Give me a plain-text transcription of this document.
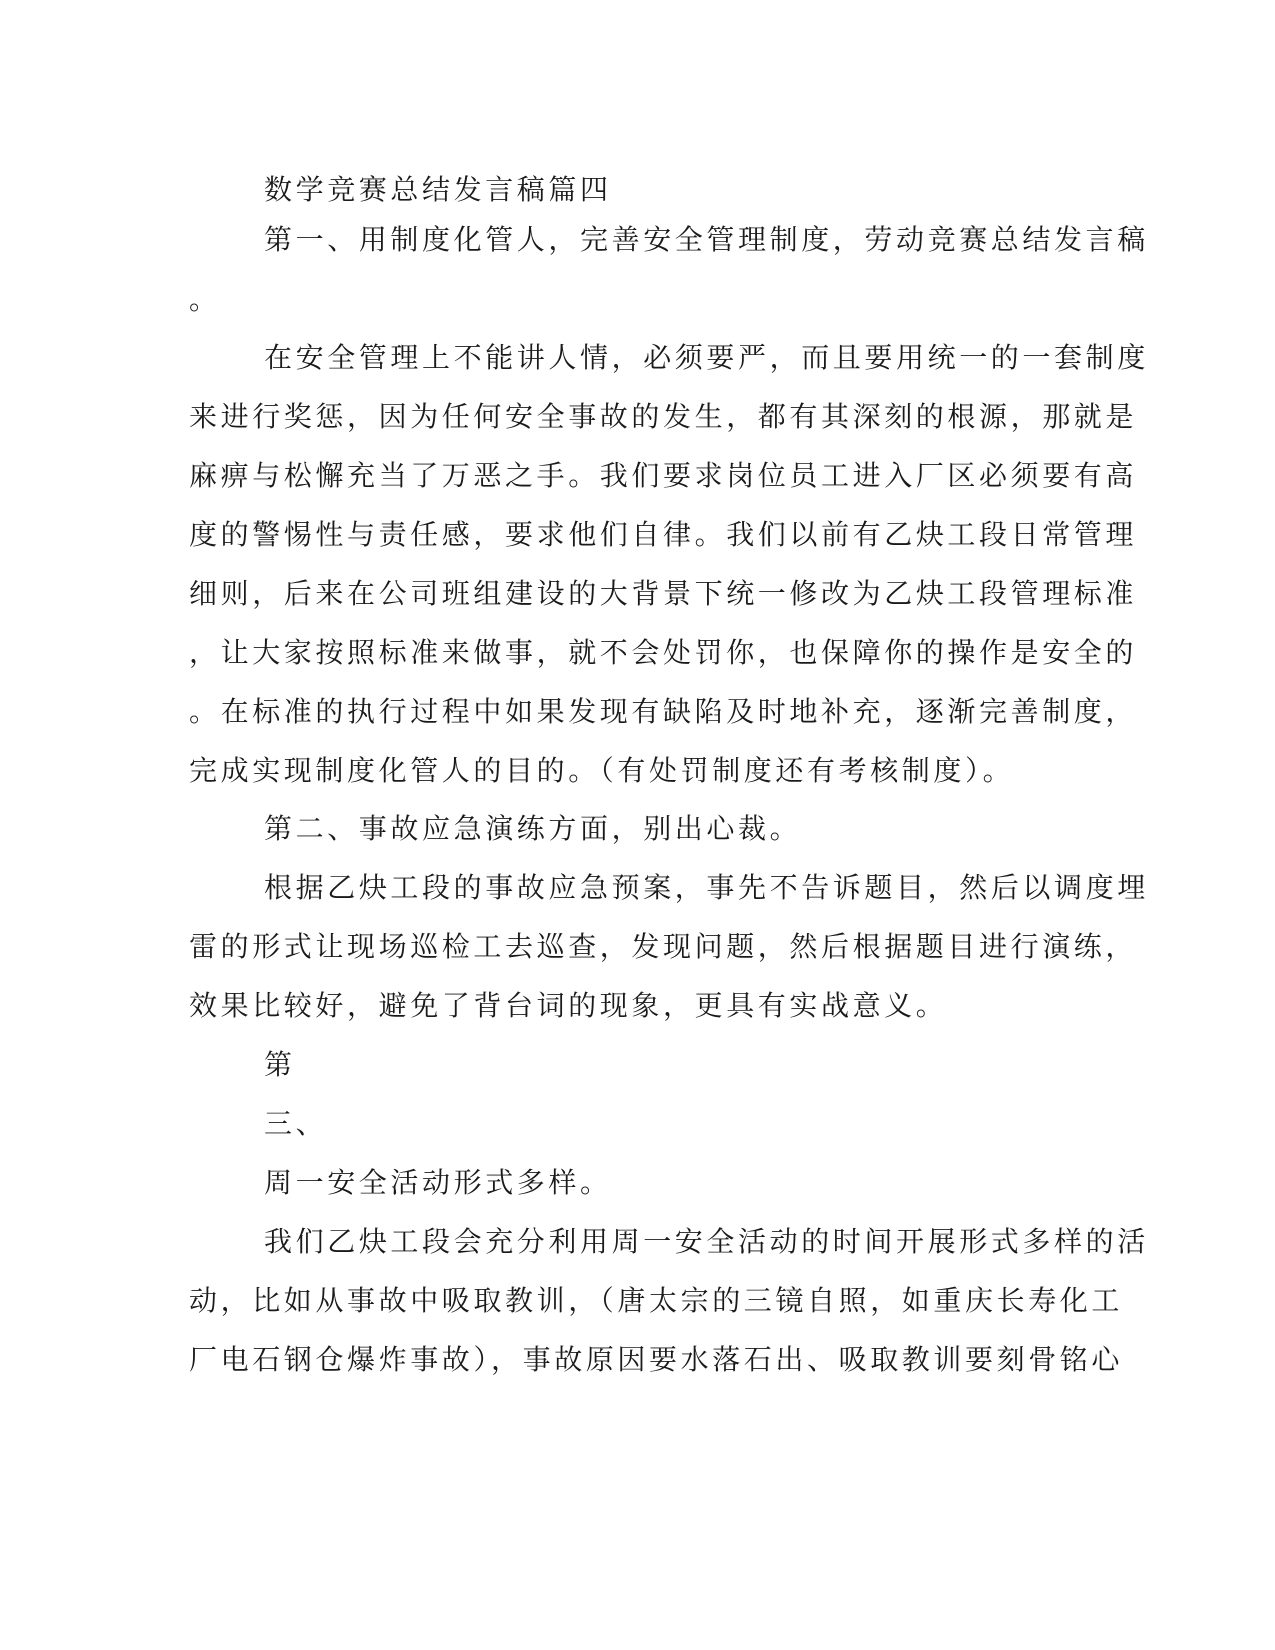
数学竞赛总结发言稿篇四
第一、用制度化管人，完善安全管理制度，劳动竞赛总结发言稿
。
在安全管理上不能讲人情，必须要严，而且要用统一的一套制度
来进行奖惩，因为任何安全事故的发生，都有其深刻的根源，那就是
麻痹与松懈充当了万恶之手。我们要求岗位员工进入厂区必须要有高
度的警惕性与责任感，要求他们自律。我们以前有乙炔工段日常管理
细则，后来在公司班组建设的大背景下统一修改为乙炔工段管理标准
，让大家按照标准来做事，就不会处罚你，也保障你的操作是安全的
。在标准的执行过程中如果发现有缺陷及时地补充，逐渐完善制度，
完成实现制度化管人的目的。（有处罚制度还有考核制度）。
第二、事故应急演练方面，别出心裁。
根据乙炔工段的事故应急预案，事先不告诉题目，然后以调度埋
雷的形式让现场巡检工去巡查，发现问题，然后根据题目进行演练，
效果比较好，避免了背台词的现象，更具有实战意义。
第
三、
周一安全活动形式多样。
我们乙炔工段会充分利用周一安全活动的时间开展形式多样的活
动，比如从事故中吸取教训，（唐太宗的三镜自照，如重庆长寿化工
厂电石钢仓爆炸事故），事故原因要水落石出、吸取教训要刻骨铭心
